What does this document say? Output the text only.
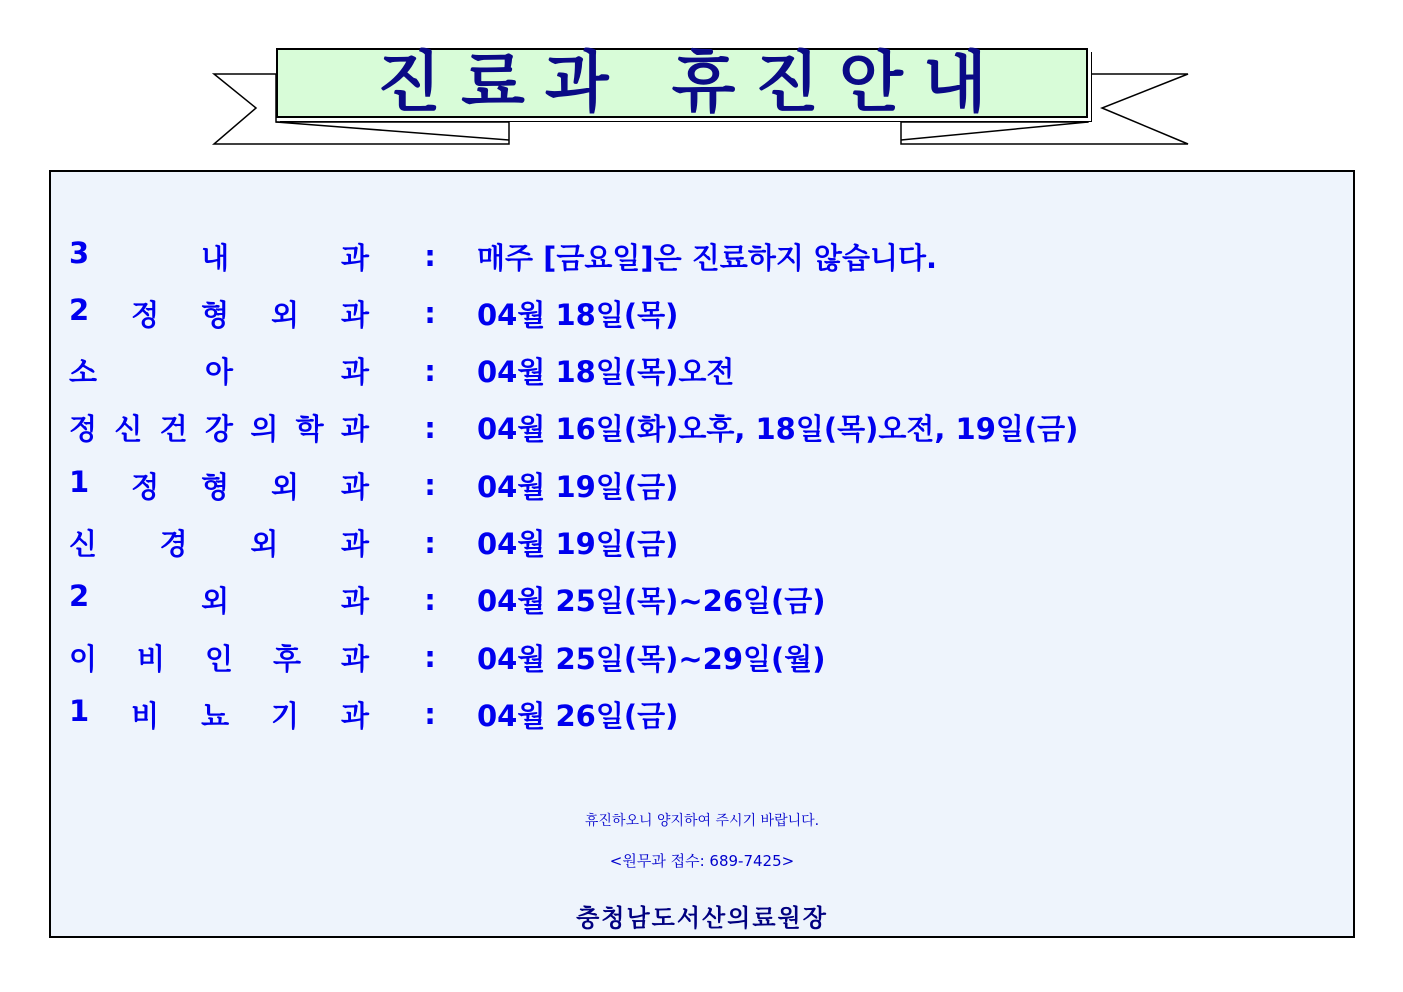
진료과 휴진안내
3	내	과	:	매주 [금요일]은 진료하지 않습니다.
2 정 형 외 과	:	04월 18일(목)
소	아	과	:	04월 18일(목)오전
정 신 건 강 의 학 과	:	04월 16일(화)오후, 18일(목)오전, 19일(금)
1 정 형 외 과	:	04월 19일(금)
신 경 외 과	:	04월 19일(금)
2	외	과	:	04월 25일(목)~26일(금)
이 비 인 후 과	:	04월 25일(목)~29일(월)
1 비 뇨 기 과	:	04월 26일(금)
휴진하오니 양지하여 주시기 바랍니다.
<원무과 접수: 689-7425>
충청남도서산의료원장
